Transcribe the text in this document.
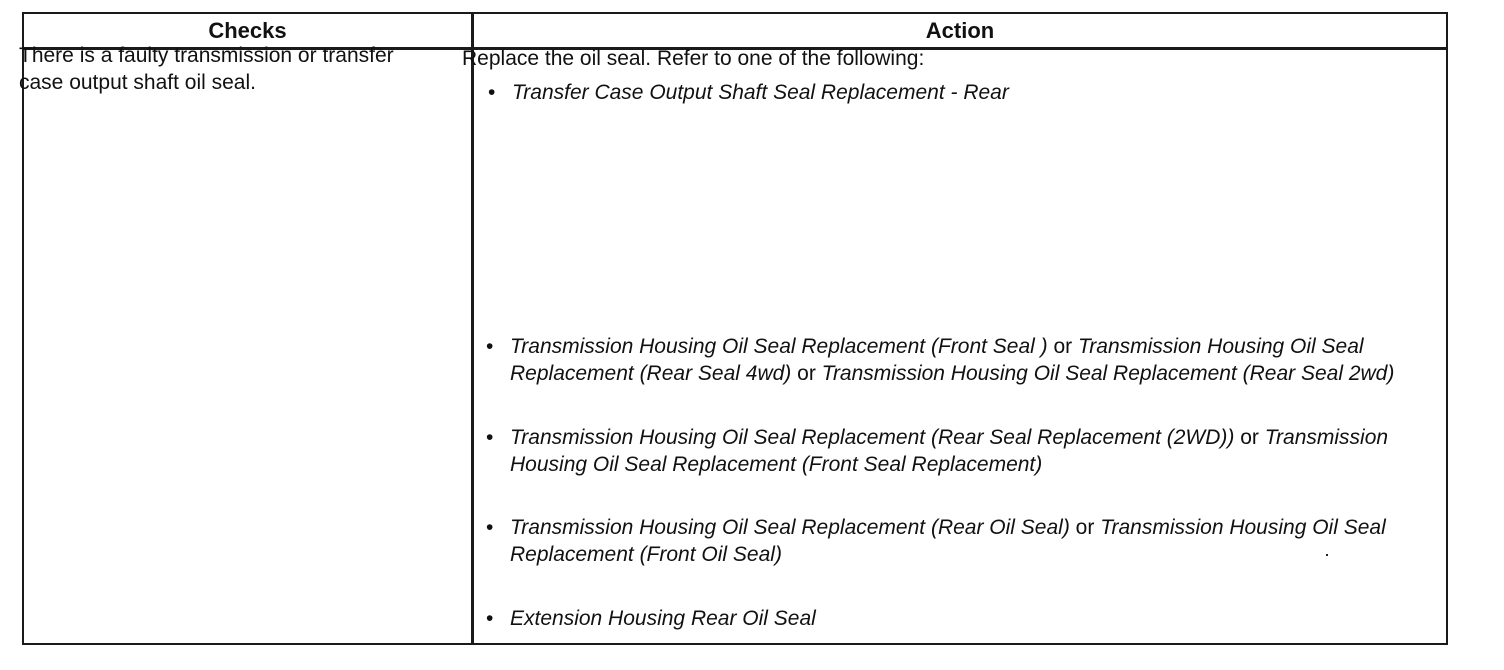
Checks	Action
There is a faulty transmission or transfer case output shaft oil seal.
Replace the oil seal. Refer to one of the following:
• Transfer Case Output Shaft Seal Replacement - Rear
• Transmission Housing Oil Seal Replacement (Front Seal ) or Transmission Housing Oil Seal Replacement (Rear Seal 4wd) or Transmission Housing Oil Seal Replacement (Rear Seal 2wd)
• Transmission Housing Oil Seal Replacement (Rear Seal Replacement (2WD)) or Transmission Housing Oil Seal Replacement (Front Seal Replacement)
• Transmission Housing Oil Seal Replacement (Rear Oil Seal) or Transmission Housing Oil Seal Replacement (Front Oil Seal)
• Extension Housing Rear Oil Seal
